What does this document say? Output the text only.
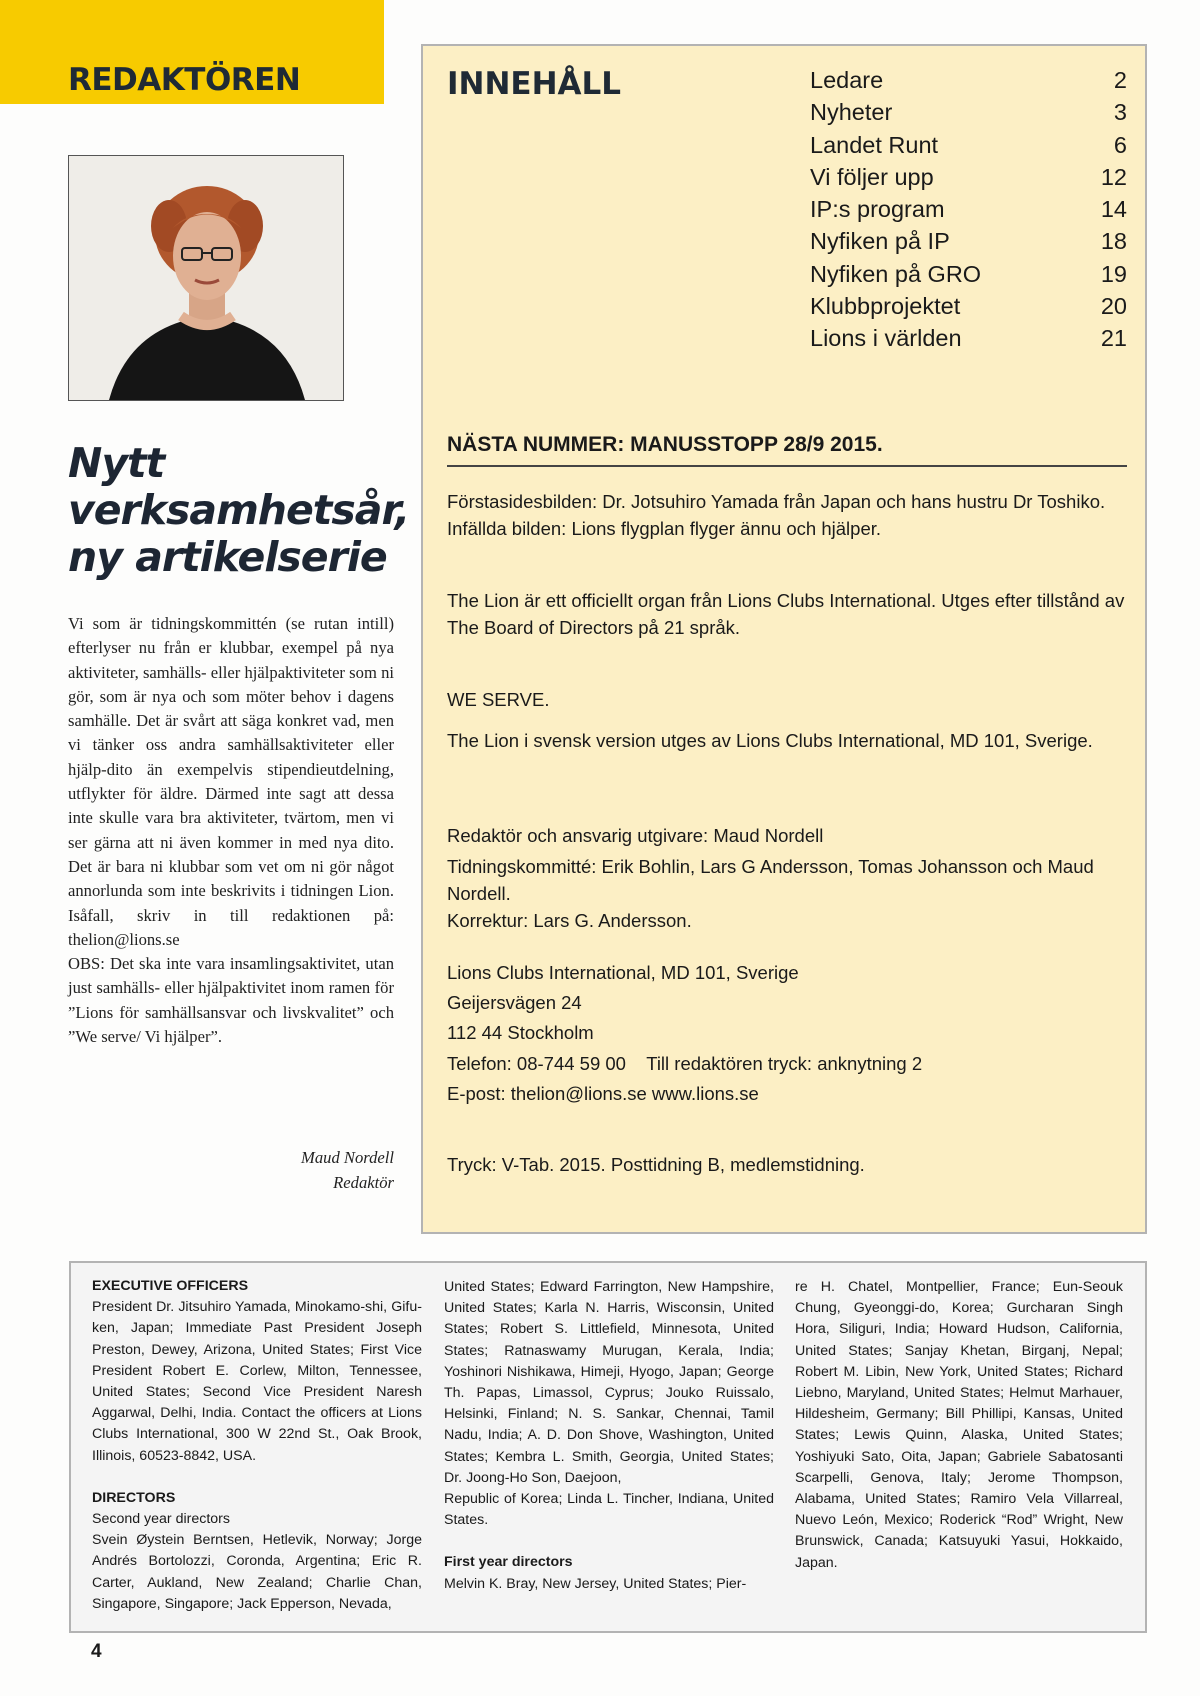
REDAKTÖREN
Nytt
verksamhetsår,
ny artikelserie

Vi som är tidningskommittén (se rutan intill) efterlyser nu från er klubbar, exempel på nya aktiviteter, samhälls- eller hjälpaktiviteter som ni gör, som är nya och som möter behov i dagens samhälle. Det är svårt att säga konkret vad, men vi tänker oss andra samhällsaktiviteter eller hjälp-dito än exempelvis stipendieutdelning, utflykter för äldre. Därmed inte sagt att dessa inte skulle vara bra aktiviteter, tvärtom, men vi ser gärna att ni även kommer in med nya dito. Det är bara ni klubbar som vet om ni gör något annorlunda som inte beskrivits i tidningen Lion. Isåfall, skriv in till redaktionen på: thelion@lions.se

OBS: Det ska inte vara insamlingsaktivitet, utan just samhälls- eller hjälpaktivitet inom ramen för ”Lions för samhällsansvar och livskvalitet” och ”We serve/ Vi hjälper”.

Maud Nordell
Redaktör
INNEHÅLL	Ledare	2
Nyheter	3
Landet Runt	6
Vi följer upp	12
IP:s program	14
Nyfiken på IP	18
Nyfiken på GRO	19
Klubbprojektet	20
Lions i världen	21
NÄSTA NUMMER: MANUSSTOPP 28/9 2015.
Förstasidesbilden: Dr. Jotsuhiro Yamada från Japan och hans hustru Dr Toshiko. Infällda bilden: Lions flygplan flyger ännu och hjälper.
The Lion är ett officiellt organ från Lions Clubs International. Utges efter tillstånd av The Board of Directors på 21 språk.
WE SERVE.
The Lion i svensk version utges av Lions Clubs International, MD 101, Sverige.

Redaktör och ansvarig utgivare: Maud Nordell

Tidningskommitté: Erik Bohlin, Lars G Andersson, Tomas Johansson och Maud Nordell.

Korrektur: Lars G. Andersson.

Lions Clubs International, MD 101, Sverige

Geijersvägen 24

112 44 Stockholm

Telefon: 08-744 59 00    Till redaktören tryck: anknytning 2

E-post: thelion@lions.se www.lions.se

Tryck: V-Tab. 2015. Posttidning B, medlemstidning.
EXECUTIVE OFFICERS

President Dr. Jitsuhiro Yamada, Minokamo-shi, Gifu-ken, Japan; Immediate Past President Joseph Preston, Dewey, Arizona, United States; First Vice President Robert E. Corlew, Milton, Tennessee, United States; Second Vice President Naresh Aggarwal, Delhi, India. Contact the officers at Lions Clubs International, 300 W 22nd St., Oak Brook, Illinois, 60523-8842, USA.

DIRECTORS

Second year directors

Svein Øystein Berntsen, Hetlevik, Norway; Jorge Andrés Bortolozzi, Coronda, Argentina; Eric R. Carter, Aukland, New Zealand; Charlie Chan, Singapore, Singapore; Jack Epperson, Nevada,

United States; Edward Farrington, New Hampshire, United States; Karla N. Harris, Wisconsin, United States; Robert S. Littlefield, Minnesota, United States; Ratnaswamy Murugan, Kerala, India; Yoshinori Nishikawa, Himeji, Hyogo, Japan; George Th. Papas, Limassol, Cyprus; Jouko Ruissalo, Helsinki, Finland; N. S. Sankar, Chennai, Tamil Nadu, India; A. D. Don Shove, Washington, United States; Kembra L. Smith, Georgia, United States; Dr. Joong-Ho Son, Daejoon,

Republic of Korea; Linda L. Tincher, Indiana, United States.

First year directors

Melvin K. Bray, New Jersey, United States; Pier-

re H. Chatel, Montpellier, France; Eun-Seouk Chung, Gyeonggi-do, Korea; Gurcharan Singh Hora, Siliguri, India; Howard Hudson, California, United States; Sanjay Khetan, Birganj, Nepal; Robert M. Libin, New York, United States; Richard Liebno, Maryland, United States; Helmut Marhauer, Hildesheim, Germany; Bill Phillipi, Kansas, United States; Lewis Quinn, Alaska, United States; Yoshiyuki Sato, Oita, Japan; Gabriele Sabatosanti Scarpelli, Genova, Italy; Jerome Thompson, Alabama, United States; Ramiro Vela Villarreal, Nuevo León, Mexico; Roderick “Rod” Wright, New Brunswick, Canada; Katsuyuki Yasui, Hokkaido, Japan.

4
